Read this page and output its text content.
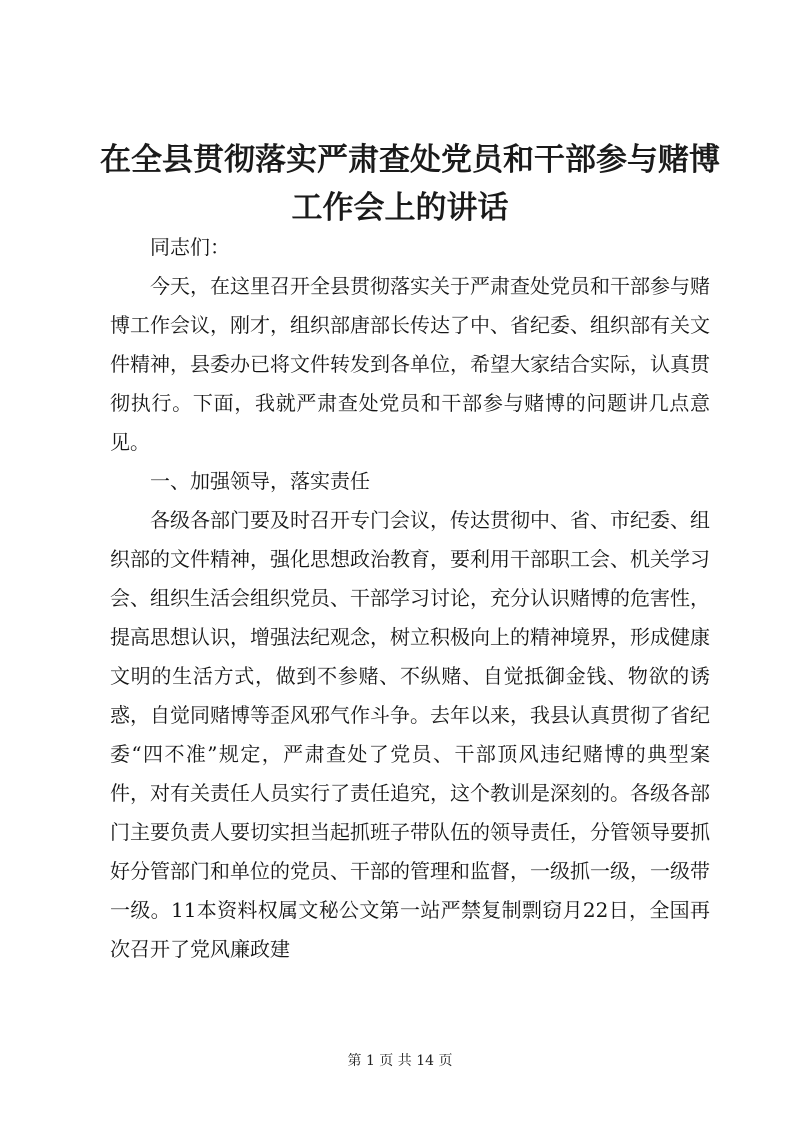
在全县贯彻落实严肃查处党员和干部参与赌博
工作会上的讲话

同志们：

今天，在这里召开全县贯彻落实关于严肃查处党员和干部参与赌博工作会议，刚才，组织部唐部长传达了中、省纪委、组织部有关文件精神，县委办已将文件转发到各单位，希望大家结合实际，认真贯彻执行。下面，我就严肃查处党员和干部参与赌博的问题讲几点意见。

一、加强领导，落实责任

各级各部门要及时召开专门会议，传达贯彻中、省、市纪委、组织部的文件精神，强化思想政治教育，要利用干部职工会、机关学习会、组织生活会组织党员、干部学习讨论，充分认识赌博的危害性，提高思想认识，增强法纪观念，树立积极向上的精神境界，形成健康文明的生活方式，做到不参赌、不纵赌、自觉抵御金钱、物欲的诱惑，自觉同赌博等歪风邪气作斗争。去年以来，我县认真贯彻了省纪委“四不准”规定，严肃查处了党员、干部顶风违纪赌博的典型案件，对有关责任人员实行了责任追究，这个教训是深刻的。各级各部门主要负责人要切实担当起抓班子带队伍的领导责任，分管领导要抓好分管部门和单位的党员、干部的管理和监督，一级抓一级，一级带一级。11本资料权属文秘公文第一站严禁复制剽窃月22日，全国再次召开了党风廉政建

第 1 页 共 14 页
